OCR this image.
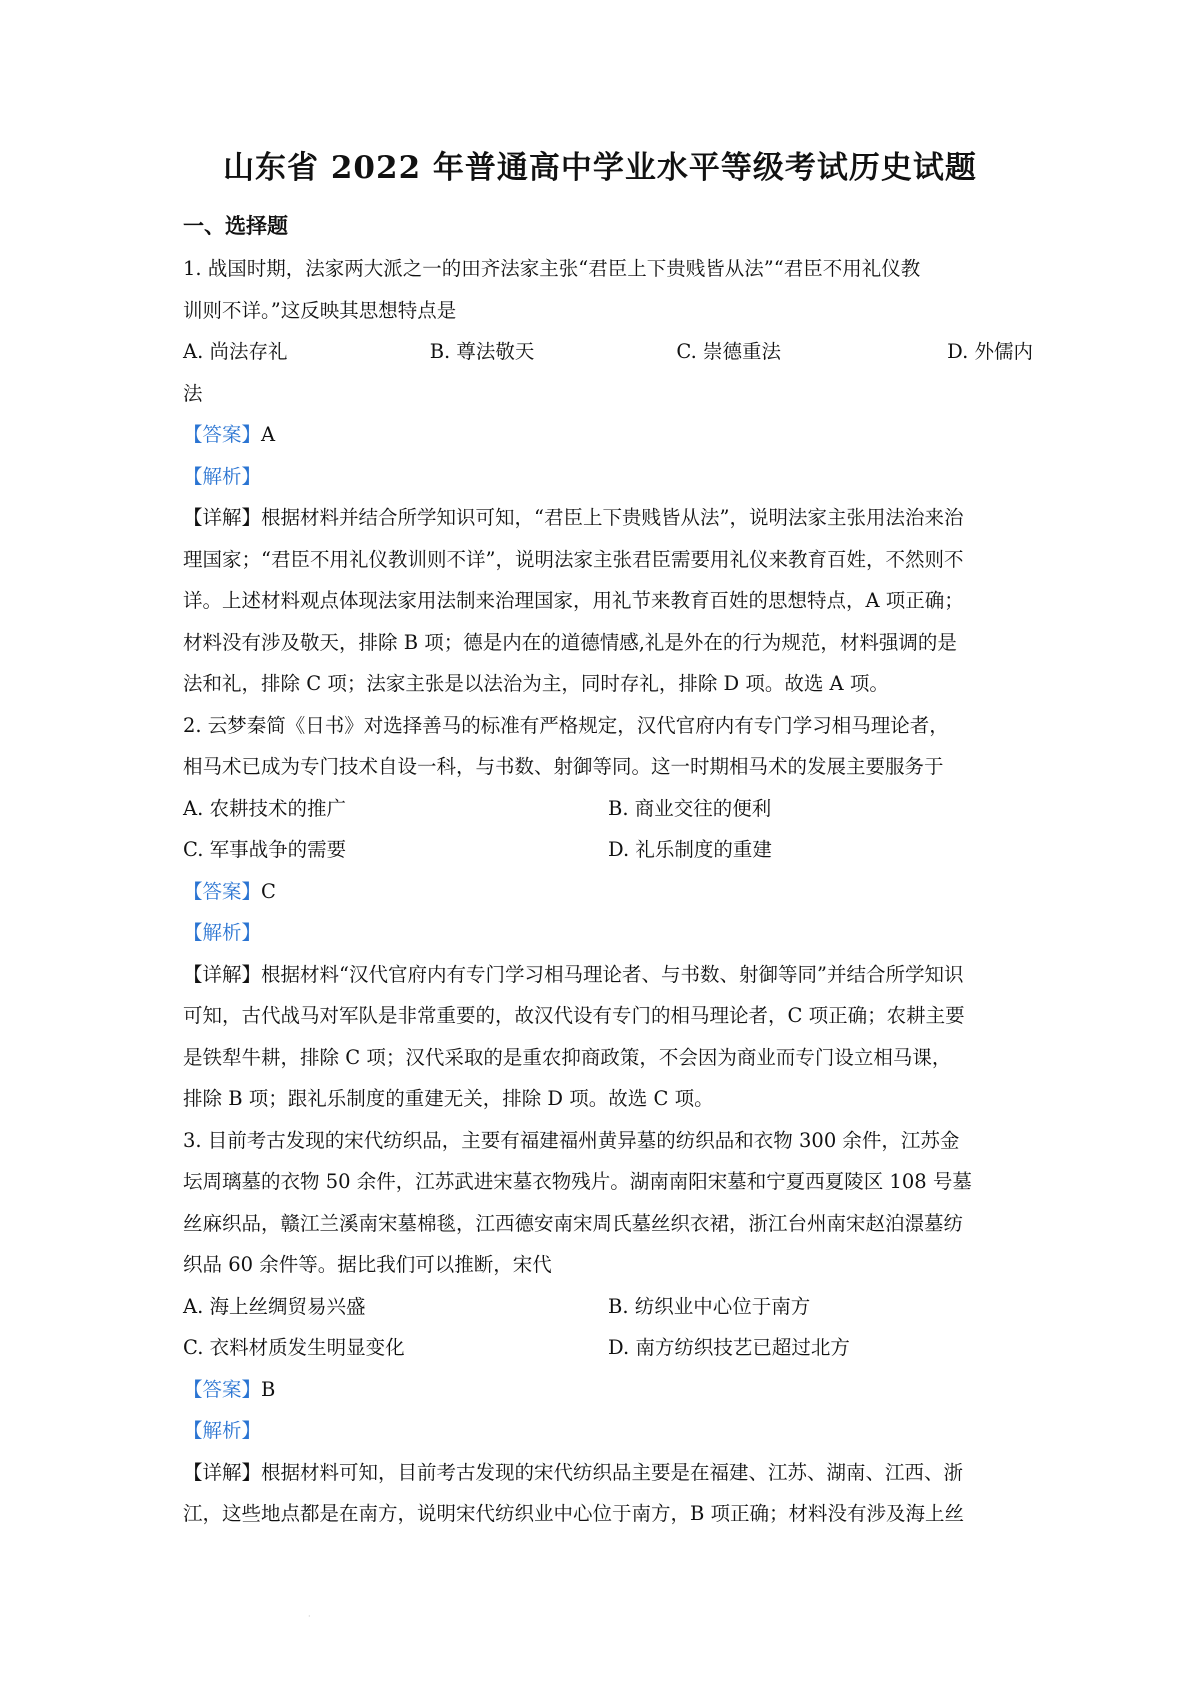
山东省 2022 年普通高中学业水平等级考试历史试题
一、选择题
1. 战国时期，法家两大派之一的田齐法家主张“君臣上下贵贱皆从法”“君臣不用礼仪教
训则不详。”这反映其思想特点是
A. 尚法存礼	B. 尊法敬天	C. 崇德重法	D. 外儒内
法
【答案】A
【解析】
【详解】根据材料并结合所学知识可知，“君臣上下贵贱皆从法”，说明法家主张用法治来治
理国家；“君臣不用礼仪教训则不详”，说明法家主张君臣需要用礼仪来教育百姓，不然则不
详。上述材料观点体现法家用法制来治理国家，用礼节来教育百姓的思想特点，A 项正确；
材料没有涉及敬天，排除 B 项；德是内在的道德情感,礼是外在的行为规范，材料强调的是
法和礼，排除 C 项；法家主张是以法治为主，同时存礼，排除 D 项。故选 A 项。
2. 云梦秦简《日书》对选择善马的标准有严格规定，汉代官府内有专门学习相马理论者，
相马术已成为专门技术自设一科，与书数、射御等同。这一时期相马术的发展主要服务于
A. 农耕技术的推广	B. 商业交往的便利
C. 军事战争的需要	D. 礼乐制度的重建
【答案】C
【解析】
【详解】根据材料“汉代官府内有专门学习相马理论者、与书数、射御等同”并结合所学知识
可知，古代战马对军队是非常重要的，故汉代设有专门的相马理论者，C 项正确；农耕主要
是铁犁牛耕，排除 C 项；汉代采取的是重农抑商政策，不会因为商业而专门设立相马课，
排除 B 项；跟礼乐制度的重建无关，排除 D 项。故选 C 项。
3. 目前考古发现的宋代纺织品，主要有福建福州黄异墓的纺织品和衣物 300 余件，江苏金
坛周璃墓的衣物 50 余件，江苏武进宋墓衣物残片。湖南南阳宋墓和宁夏西夏陵区 108 号墓
丝麻织品，赣江兰溪南宋墓棉毯，江西德安南宋周氏墓丝织衣裙，浙江台州南宋赵泊澋墓纺
织品 60 余件等。据比我们可以推断，宋代
A. 海上丝绸贸易兴盛	B. 纺织业中心位于南方
C. 衣料材质发生明显变化	D. 南方纺织技艺已超过北方
【答案】B
【解析】
【详解】根据材料可知，目前考古发现的宋代纺织品主要是在福建、江苏、湖南、江西、浙
江，这些地点都是在南方，说明宋代纺织业中心位于南方，B 项正确；材料没有涉及海上丝
·
